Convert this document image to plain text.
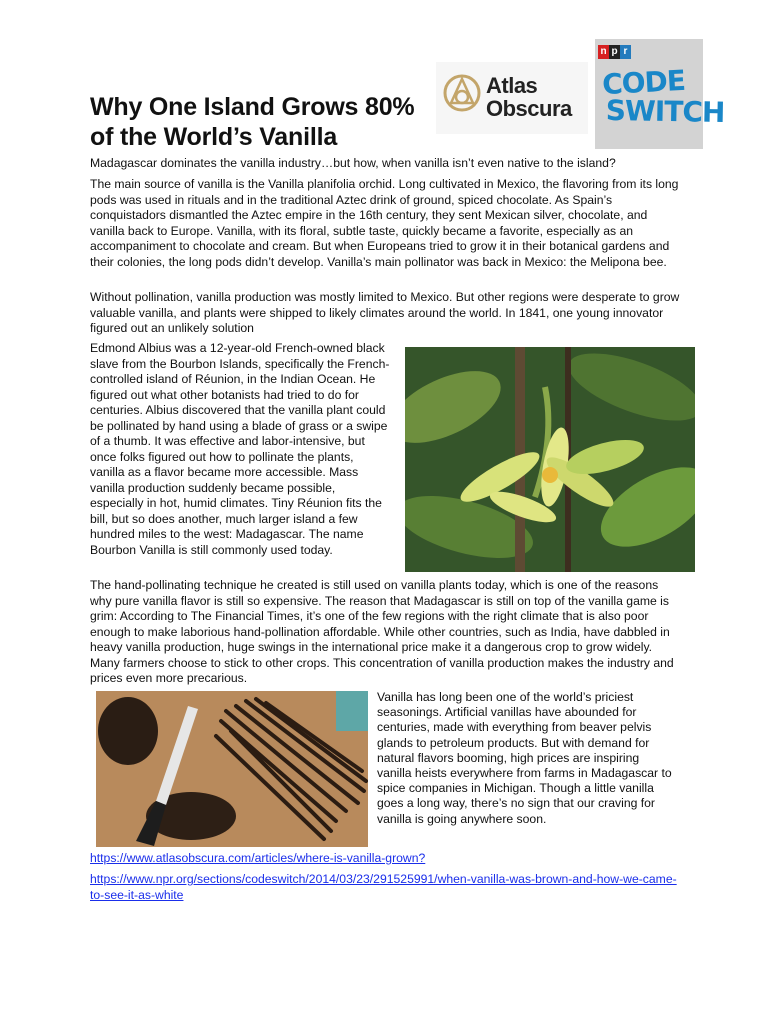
Why One Island Grows 80% of the World’s Vanilla
Atlas
Obscura
n p r
CODE
SWITCH

Madagascar dominates the vanilla industry…but how, when vanilla isn’t even native to the island?

The main source of vanilla is the Vanilla planifolia orchid. Long cultivated in Mexico, the flavoring from its long pods was used in rituals and in the traditional Aztec drink of ground, spiced chocolate. As Spain’s conquistadors dismantled the Aztec empire in the 16th century, they sent Mexican silver, chocolate, and vanilla back to Europe. Vanilla, with its floral, subtle taste, quickly became a favorite, especially as an accompaniment to chocolate and cream. But when Europeans tried to grow it in their botanical gardens and their colonies, the long pods didn’t develop. Vanilla’s main pollinator was back in Mexico: the Melipona bee.

Without pollination, vanilla production was mostly limited to Mexico. But other regions were desperate to grow valuable vanilla, and plants were shipped to likely climates around the world. In 1841, one young innovator figured out an unlikely solution

Edmond Albius was a 12-year-old French-owned black slave from the Bourbon Islands, specifically the French-controlled island of Réunion, in the Indian Ocean. He figured out what other botanists had tried to do for centuries. Albius discovered that the vanilla plant could be pollinated by hand using a blade of grass or a swipe of a thumb. It was effective and labor-intensive, but once folks figured out how to pollinate the plants, vanilla as a flavor became more accessible. Mass vanilla production suddenly became possible, especially in hot, humid climates. Tiny Réunion fits the bill, but so does another, much larger island a few hundred miles to the west: Madagascar. The name Bourbon Vanilla is still commonly used today.

The hand-pollinating technique he created is still used on vanilla plants today, which is one of the reasons why pure vanilla flavor is still so expensive. The reason that Madagascar is still on top of the vanilla game is grim: According to The Financial Times, it’s one of the few regions with the right climate that is also poor enough to make laborious hand-pollination affordable. While other countries, such as India, have dabbled in heavy vanilla production, huge swings in the international price make it a dangerous crop to grow widely. Many farmers choose to stick to other crops. This concentration of vanilla production makes the industry and prices even more precarious.

Vanilla has long been one of the world’s priciest seasonings. Artificial vanillas have abounded for centuries, made with everything from beaver pelvis glands to petroleum products. But with demand for natural flavors booming, high prices are inspiring vanilla heists everywhere from farms in Madagascar to spice companies in Michigan. Though a little vanilla goes a long way, there’s no sign that our craving for vanilla is going anywhere soon.
https://www.atlasobscura.com/articles/where-is-vanilla-grown?
https://www.npr.org/sections/codeswitch/2014/03/23/291525991/when-vanilla-was-brown-and-how-we-came-to-see-it-as-white
